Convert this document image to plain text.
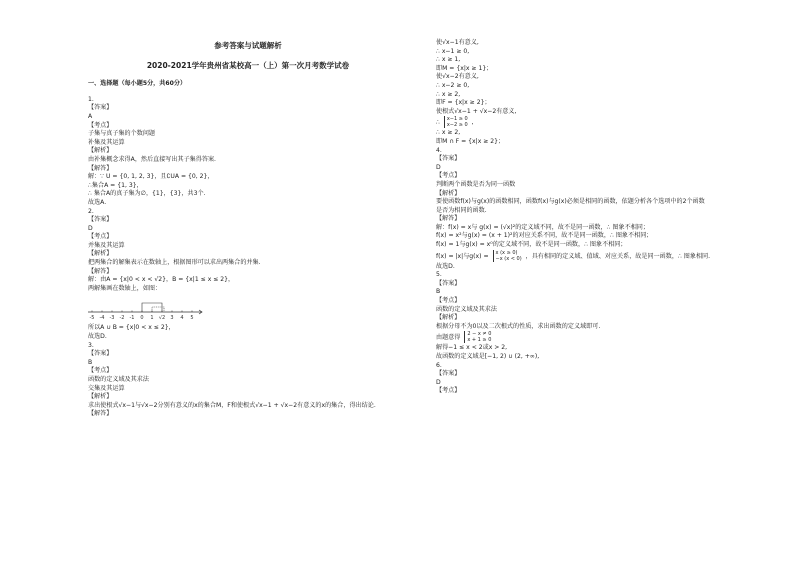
参考答案与试题解析
2020-2021学年贵州省某校高一（上）第一次月考数学试卷
一、选择题（每小题5分，共60分）
1.
【答案】
A
【考点】
子集与真子集的个数问题
补集及其运算
【解析】
由补集概念求得A，然后直接写出其子集得答案.
【解答】
解：∵ U = {0, 1, 2, 3}，且∁UA = {0, 2}，
∴集合A = {1, 3}，
∴ 集合A的真子集为∅，{1}，{3}，共3个.
故选A.
2.
【答案】
D
【考点】
并集及其运算
【解析】
把两集合的解集表示在数轴上，根据图形可以求出两集合的并集.
【解答】
解：由A = {x|0 < x < √2}，B = {x|1 ≤ x ≤ 2}，
两解集画在数轴上，如图：
-5 -4 -3 -2 -1 0 1 √2 3 4 5
所以A ∪ B = {x|0 < x ≤ 2}，
故选D.
3.
【答案】
B
【考点】
函数的定义域及其求法
交集及其运算
【解析】
求出使根式√x−1与√x−2分别有意义的x的集合M，F和使根式√x−1 + √x−2有意义的x的集合，得出结论.
【解答】
使√x−1有意义,
∴ x−1 ≥ 0,
∴ x ≥ 1,
即M = {x|x ≥ 1}；
使√x−2有意义,
∴ x−2 ≥ 0,
∴ x ≥ 2,
即F = {x|x ≥ 2}；
使根式√x−1 + √x−2有意义,
∴ x−1 ≥ 0
x−2 ≥ 0 ,
∴ x ≥ 2,
即M ∩ F = {x|x ≥ 2}；
4.
【答案】
D
【考点】
判断两个函数是否为同一函数
【解析】
要使函数f(x)与g(x)的函数相同，函数f(x)与g(x)必须是相同的函数，依题分析各个选项中的2个函数
是否为相同的函数.
【解答】
解：f(x) = x与 g(x) = (√x)²的定义域不同，故不是同一函数，∴ 图象不相同；
f(x) = x²与g(x) = (x + 1)²的对应关系不同，故不是同一函数，∴ 图象不相同；
f(x) = 1与g(x) = x⁰的定义域不同，故不是同一函数，∴ 图象不相同；
f(x) = |x|与g(x) = x (x ≥ 0)
−x (x < 0) ，具有相同的定义域、值域、对应关系，故是同一函数，∴ 图象相同.
故选D.
5.
【答案】
B
【考点】
函数的定义域及其求法
【解析】
根据分母不为0以及二次根式的性质，求出函数的定义域即可.
由题意得 2 − x ≠ 0
x + 1 ≥ 0
解得−1 ≤ x < 2或x > 2,
故函数的定义域是[−1, 2) ∪ (2, +∞),
6.
【答案】
D
【考点】
